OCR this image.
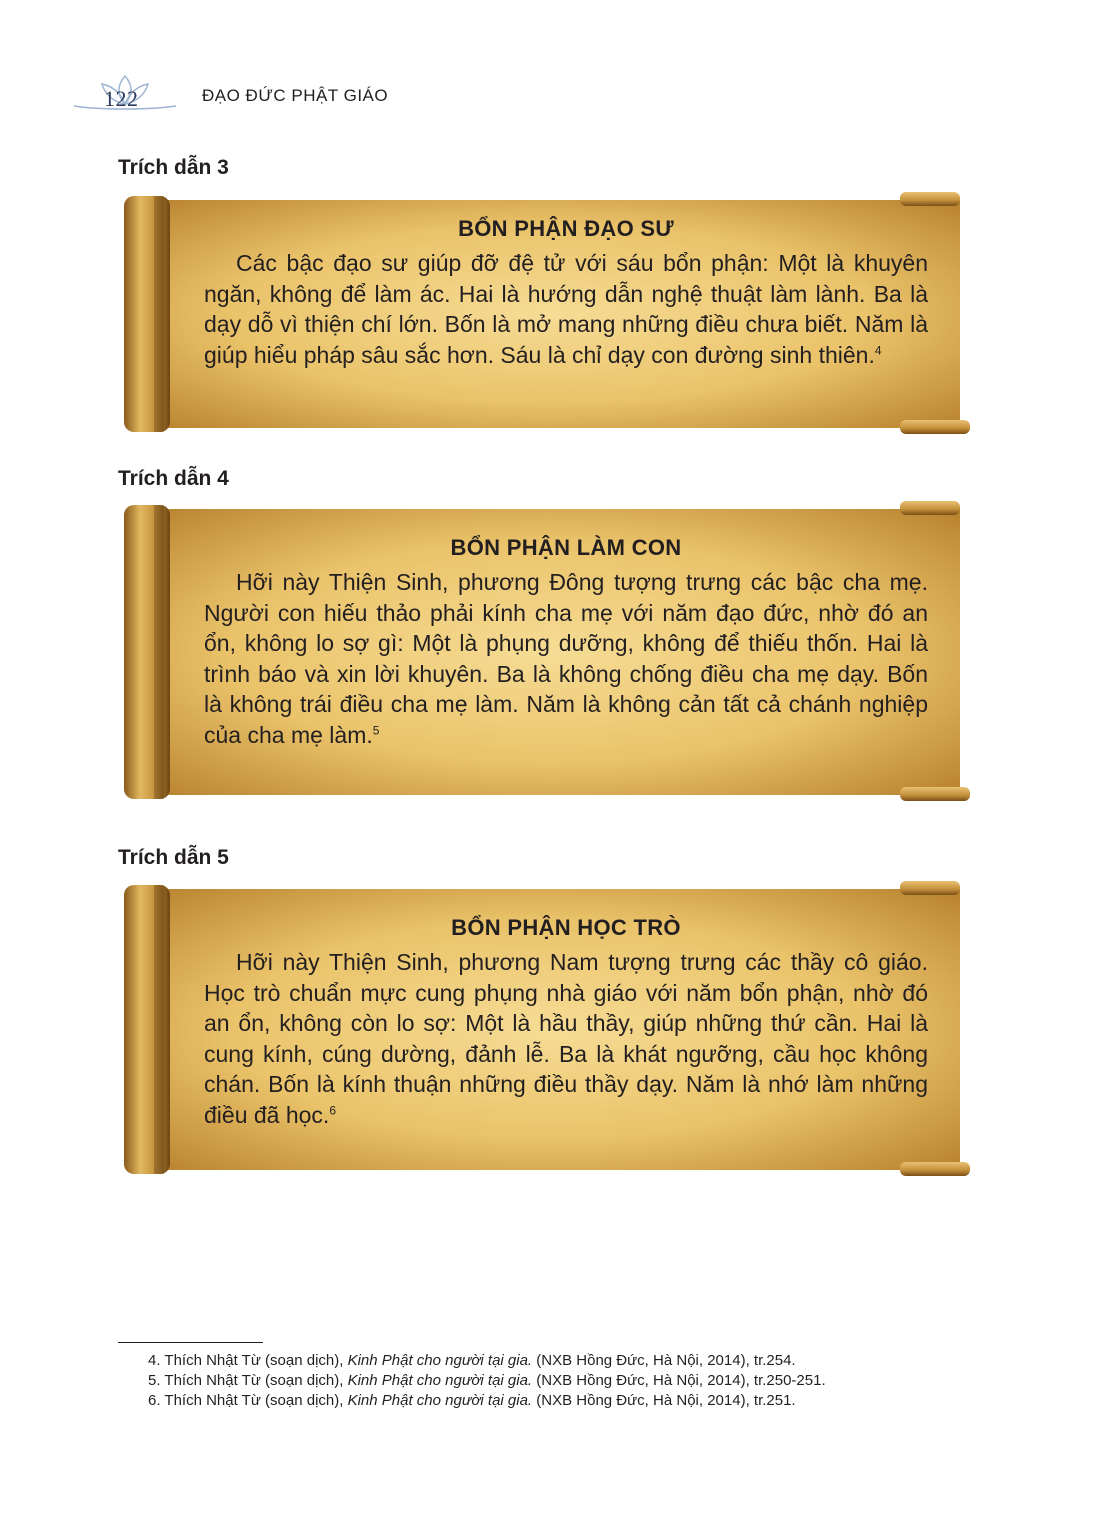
122	ĐẠO ĐỨC PHẬT GIÁO
Trích dẫn 3
BỔN PHẬN ĐẠO SƯ
Các bậc đạo sư giúp đỡ đệ tử với sáu bổn phận: Một là khuyên ngăn, không để làm ác. Hai là hướng dẫn nghệ thuật làm lành. Ba là dạy dỗ vì thiện chí lớn. Bốn là mở mang những điều chưa biết. Năm là giúp hiểu pháp sâu sắc hơn. Sáu là chỉ dạy con đường sinh thiên.$^4$
Trích dẫn 4
BỔN PHẬN LÀM CON
Hỡi này Thiện Sinh, phương Đông tượng trưng các bậc cha mẹ. Người con hiếu thảo phải kính cha mẹ với năm đạo đức, nhờ đó an ổn, không lo sợ gì: Một là phụng dưỡng, không để thiếu thốn. Hai là trình báo và xin lời khuyên. Ba là không chống điều cha mẹ dạy. Bốn là không trái điều cha mẹ làm. Năm là không cản tất cả chánh nghiệp của cha mẹ làm.$^5$
Trích dẫn 5
BỔN PHẬN HỌC TRÒ
Hỡi này Thiện Sinh, phương Nam tượng trưng các thầy cô giáo. Học trò chuẩn mực cung phụng nhà giáo với năm bổn phận, nhờ đó an ổn, không còn lo sợ: Một là hầu thầy, giúp những thứ cần. Hai là cung kính, cúng dường, đảnh lễ. Ba là khát ngưỡng, cầu học không chán. Bốn là kính thuận những điều thầy dạy. Năm là nhớ làm những điều đã học.$^6$
4. Thích Nhật Từ (soạn dịch), Kinh Phật cho người tại gia. (NXB Hồng Đức, Hà Nội, 2014), tr.254.
5. Thích Nhật Từ (soạn dịch), Kinh Phật cho người tại gia. (NXB Hồng Đức, Hà Nội, 2014), tr.250-251.
6. Thích Nhật Từ (soạn dịch), Kinh Phật cho người tại gia. (NXB Hồng Đức, Hà Nội, 2014), tr.251.
